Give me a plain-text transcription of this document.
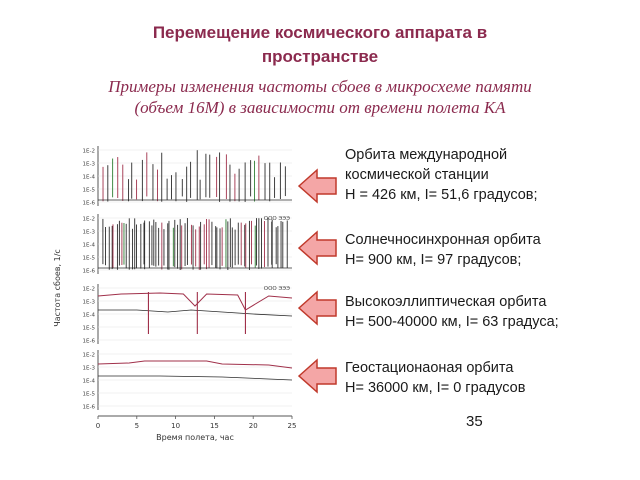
Перемещение космического аппарата в
пространстве
Примеры изменения частоты сбоев в микросхеме памяти
(объем 16М) в зависимости от времени полета КА
1E-2
1E-3
1E-4
1E-5
1E-6
1E-2
1E-3
1E-4
1E-5
1E-6
ООО ЭЭЭ
1E-2
1E-3
1E-4
1E-5
1E-6
ООО ЭЭЭ
1E-2
1E-3
1E-4
1E-5
1E-6
0	5	10	15	20	25
Время полета, час
Частота сбоев, 1/с
Орбита международной
космической станции
H = 426 км, I= 51,6 градусов;
Солнечносинхронная орбита
H= 900 км, I= 97 градусов;
Высокоэллиптическая орбита
H= 500-40000 км, I= 63 градуса;
Геостационаоная орбита
H= 36000 км, I= 0 градусов
35
